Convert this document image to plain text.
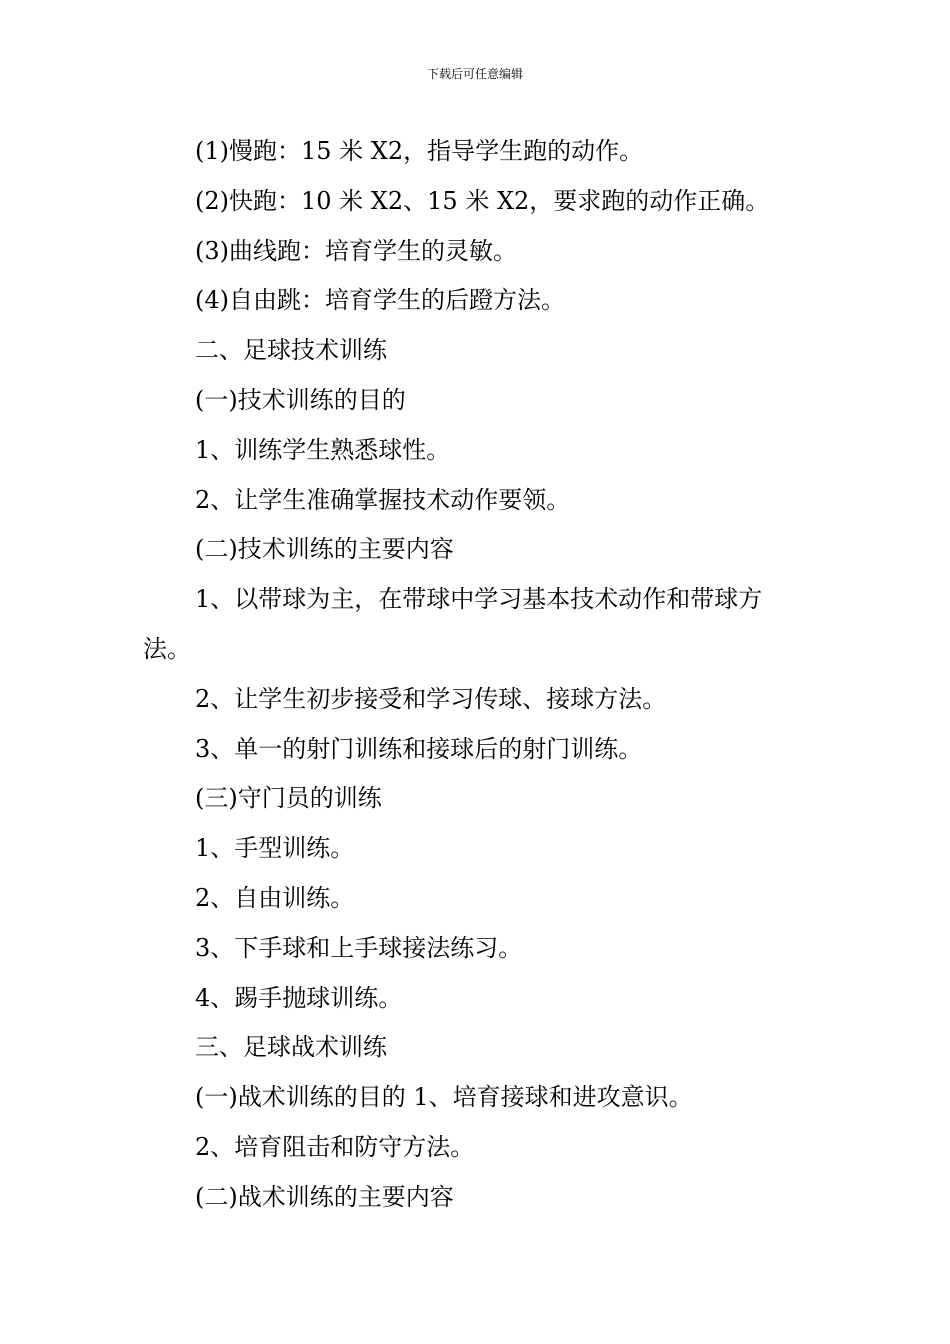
下载后可任意编辑

(1)慢跑：15 米 X2，指导学生跑的动作。

(2)快跑：10 米 X2、15 米 X2，要求跑的动作正确。

(3)曲线跑：培育学生的灵敏。

(4)自由跳：培育学生的后蹬方法。

二、足球技术训练

(一)技术训练的目的

1、训练学生熟悉球性。

2、让学生准确掌握技术动作要领。

(二)技术训练的主要内容

1、以带球为主，在带球中学习基本技术动作和带球方法。

2、让学生初步接受和学习传球、接球方法。

3、单一的射门训练和接球后的射门训练。

(三)守门员的训练

1、手型训练。

2、自由训练。

3、下手球和上手球接法练习。

4、踢手抛球训练。

三、足球战术训练

(一)战术训练的目的 1、培育接球和进攻意识。

2、培育阻击和防守方法。

(二)战术训练的主要内容
